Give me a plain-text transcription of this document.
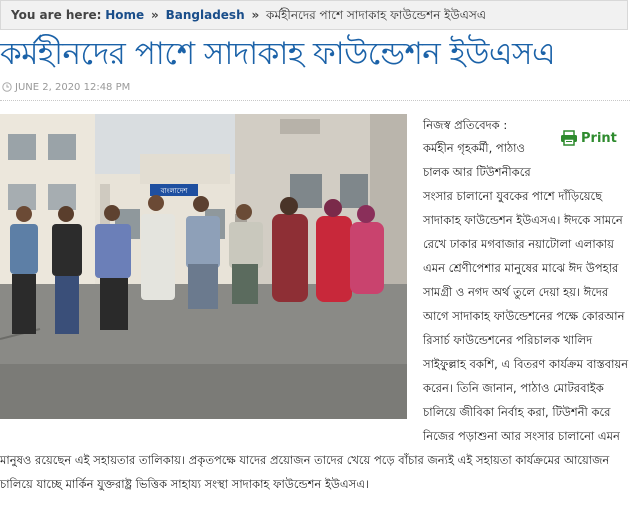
You are here: Home » Bangladesh » কর্মহীনদের পাশে সাদাকাহ ফাউন্ডেশন ইউএসএ
কর্মহীনদের পাশে সাদাকাহ ফাউন্ডেশন ইউএসএ
JUNE 2, 2020 12:48 PM
বাংলাদেশ
নিজস্ব প্রতিবেদক :
Print
কর্মহীন গৃহকর্মী, পাঠাও
চালক আর টিউশনীকরে
সংসার চালানো যুবকের পাশে দাঁড়িয়েছে
সাদাকাহ ফাউন্ডেশন ইউএসএ। ঈদকে সামনে
রেখে ঢাকার মগবাজার নয়াটোলা এলাকায়
এমন শ্রেণীপেশার মানুষের মাঝে ঈদ উপহার
সামগ্রী ও নগদ অর্থ তুলে দেয়া হয়। ঈদের
আগে সাদাকাহ ফাউন্ডেশনের পক্ষে কোরআন
রিসার্চ ফাউন্ডেশনের পরিচালক খালিদ
সাইফুল্লাহ বকশি, এ বিতরণ কার্যক্রম বাস্তবায়ন
করেন। তিনি জানান, পাঠাও মোটরবাইক
চালিয়ে জীবিকা নির্বাহ করা, টিউশনী করে
নিজের পড়াশুনা আর সংসার চালানো এমন
মানুষও রয়েছেন এই সহায়তার তালিকায়। প্রকৃতপক্ষে যাদের প্রয়োজন তাদের খেয়ে পড়ে বাঁচার জন্যই এই সহায়তা কার্যক্রমের আয়োজন
চালিয়ে যাচ্ছে মার্কিন যুক্তরাষ্ট্র ভিত্তিক সাহায্য সংস্থা সাদাকাহ ফাউন্ডেশন ইউএসএ।
